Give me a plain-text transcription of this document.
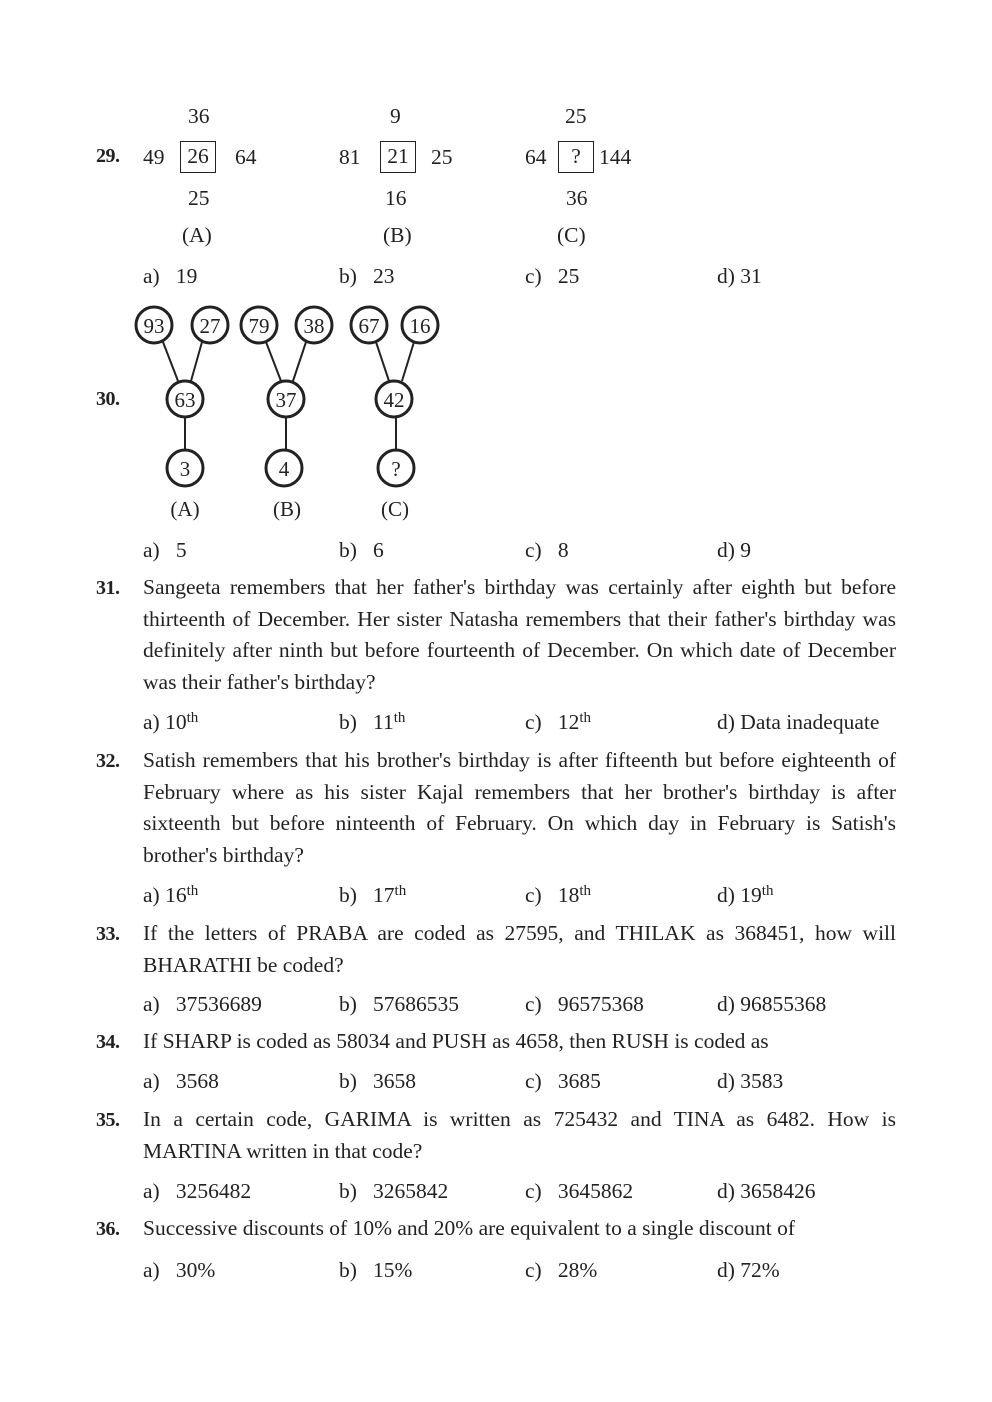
29.
36
49	26	64
25
(A)
9
81	21	25
16
(B)
25
64	? 144
36
(C)
a) 19	b) 23	c) 25	d) 31
30.
93 27
63
3
(A)
79 38
37
4
(B)
67 16
42
?
(C)
a) 5	b) 6	c) 8	d) 9
31. Sangeeta remembers that her father's birthday was certainly after eighth but before thirteenth of December. Her sister Natasha remembers that their father's birthday was definitely after ninth but before fourteenth of December. On which date of December was their father's birthday?
a) 10th	b) 11th	c) 12th	d) Data inadequate
32. Satish remembers that his brother's birthday is after fifteenth but before eighteenth of February where as his sister Kajal remembers that her brother's birthday is after sixteenth but before ninteenth of February. On which day in February is Satish's brother's birthday?
a) 16th	b) 17th	c) 18th	d) 19th
33. If the letters of PRABA are coded as 27595, and THILAK as 368451, how will BHARATHI be coded?
a) 37536689	b) 57686535	c) 96575368	d) 96855368
34. If SHARP is coded as 58034 and PUSH as 4658, then RUSH is coded as
a) 3568	b) 3658	c) 3685	d) 3583
35. In a certain code, GARIMA is written as 725432 and TINA as 6482. How is MARTINA written in that code?
a) 3256482	b) 3265842	c) 3645862	d) 3658426
36. Successive discounts of 10% and 20% are equivalent to a single discount of
a) 30%	b) 15%	c) 28%	d) 72%
